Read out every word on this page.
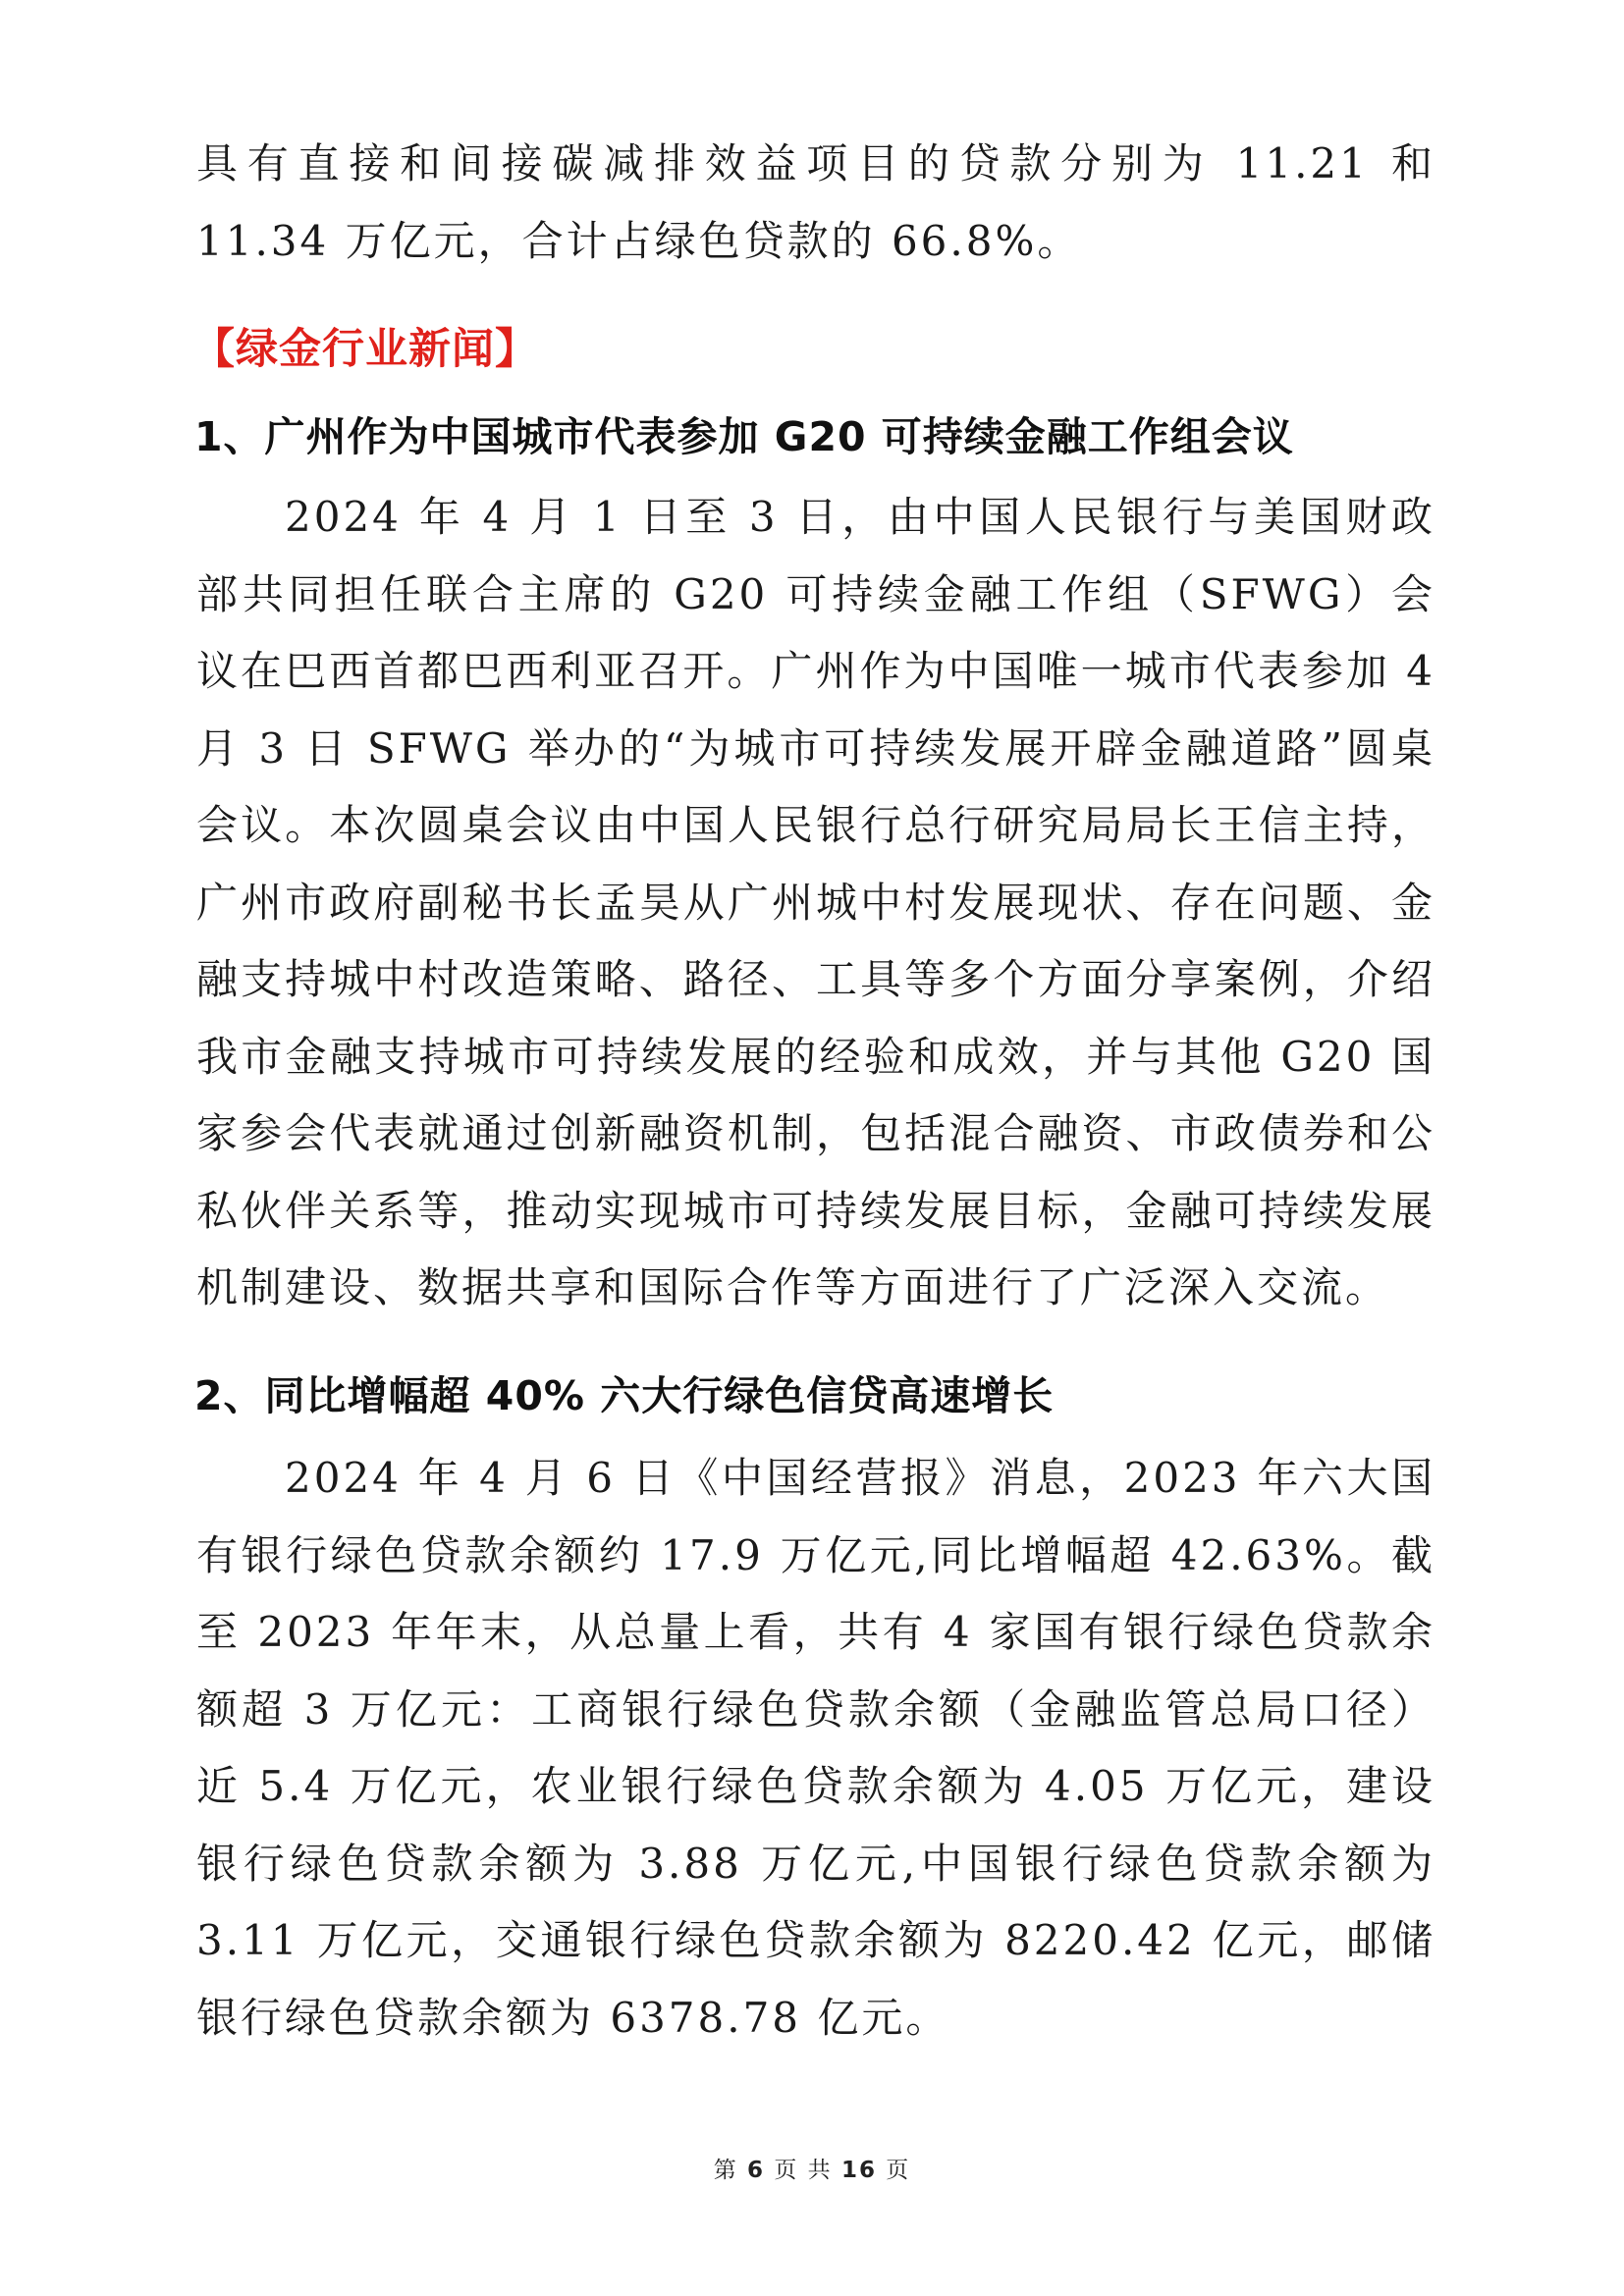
具有直接和间接碳减排效益项目的贷款分别为 11.21 和 11.34 万亿元，合计占绿色贷款的 66.8%。

【绿金行业新闻】

1、广州作为中国城市代表参加 G20 可持续金融工作组会议

2024 年 4 月 1 日至 3 日，由中国人民银行与美国财政部共同担任联合主席的 G20 可持续金融工作组（SFWG）会议在巴西首都巴西利亚召开。广州作为中国唯一城市代表参加 4 月 3 日 SFWG 举办的“为城市可持续发展开辟金融道路”圆桌会议。本次圆桌会议由中国人民银行总行研究局局长王信主持，广州市政府副秘书长孟昊从广州城中村发展现状、存在问题、金融支持城中村改造策略、路径、工具等多个方面分享案例，介绍我市金融支持城市可持续发展的经验和成效，并与其他 G20 国家参会代表就通过创新融资机制，包括混合融资、市政债券和公私伙伴关系等，推动实现城市可持续发展目标，金融可持续发展机制建设、数据共享和国际合作等方面进行了广泛深入交流。

2、同比增幅超 40% 六大行绿色信贷高速增长

2024 年 4 月 6 日《中国经营报》消息，2023 年六大国有银行绿色贷款余额约 17.9 万亿元,同比增幅超 42.63%。截至 2023 年年末，从总量上看，共有 4 家国有银行绿色贷款余额超 3 万亿元：工商银行绿色贷款余额（金融监管总局口径）近 5.4 万亿元，农业银行绿色贷款余额为 4.05 万亿元，建设银行绿色贷款余额为 3.88 万亿元,中国银行绿色贷款余额为 3.11 万亿元，交通银行绿色贷款余额为 8220.42 亿元，邮储银行绿色贷款余额为 6378.78 亿元。

第 6 页 共 16 页
